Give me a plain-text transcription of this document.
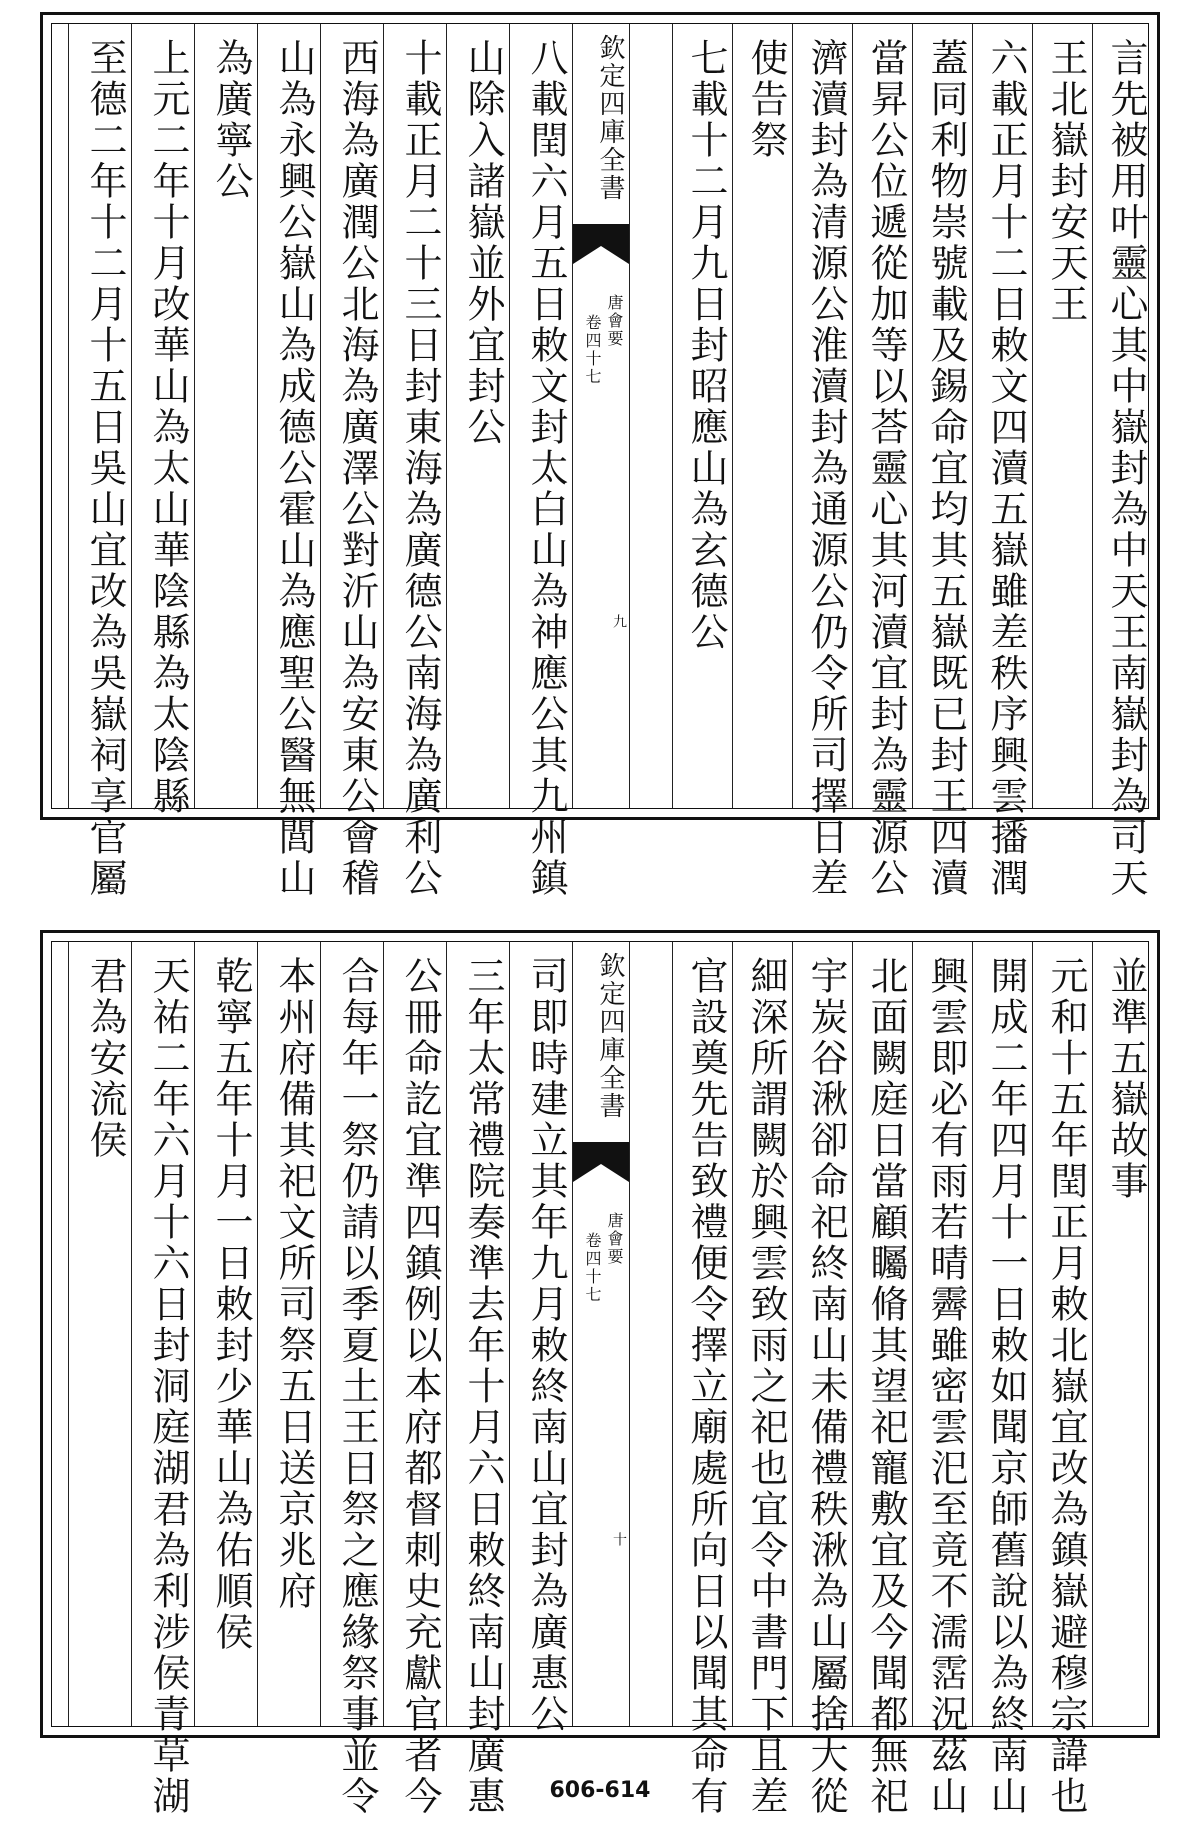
言先被用叶靈心其中嶽封為中天王南嶽封為司天
王北嶽封安天王
六載正月十二日敕文四瀆五嶽雖差秩序興雲播潤
蓋同利物崇號載及錫命宜均其五嶽既已封王四瀆
當昇公位遞從加等以荅靈心其河瀆宜封為靈源公
濟瀆封為清源公淮瀆封為通源公仍令所司擇日差
使告祭
七載十二月九日封昭應山為玄德公
八載閏六月五日敕文封太白山為神應公其九州鎮
山除入諸嶽並外宜封公
十載正月二十三日封東海為廣德公南海為廣利公
西海為廣潤公北海為廣澤公對沂山為安東公會稽
山為永興公嶽山為成德公霍山為應聖公醫無閭山
為廣寧公
上元二年十月改華山為太山華陰縣為太陰縣
至德二年十二月十五日吳山宜改為吳嶽祠享官屬	欽定四庫全書
唐會要
卷四十七
九
並準五嶽故事
元和十五年閏正月敕北嶽宜改為鎮嶽避穆宗諱也
開成二年四月十一日敕如聞京師舊說以為終南山
興雲即必有雨若晴霽雖密雲汜至竟不濡霑況茲山
北面闕庭日當顧矚脩其望祀寵敷宜及今聞都無祀
宇炭谷湫卻命祀終南山未備禮秩湫為山屬捨大從
細深所謂闕於興雲致雨之祀也宜令中書門下且差
官設奠先告致禮便令擇立廟處所向日以聞其命有
司即時建立其年九月敕終南山宜封為廣惠公
三年太常禮院奏準去年十月六日敕終南山封廣惠
公冊命訖宜準四鎮例以本府都督刺史充獻官者今
合每年一祭仍請以季夏土王日祭之應緣祭事並令
本州府備其祀文所司祭五日送京兆府
乾寧五年十月一日敕封少華山為佑順侯
天祐二年六月十六日封洞庭湖君為利涉侯青草湖
君為安流侯	欽定四庫全書
唐會要
卷四十七
十
606-614
